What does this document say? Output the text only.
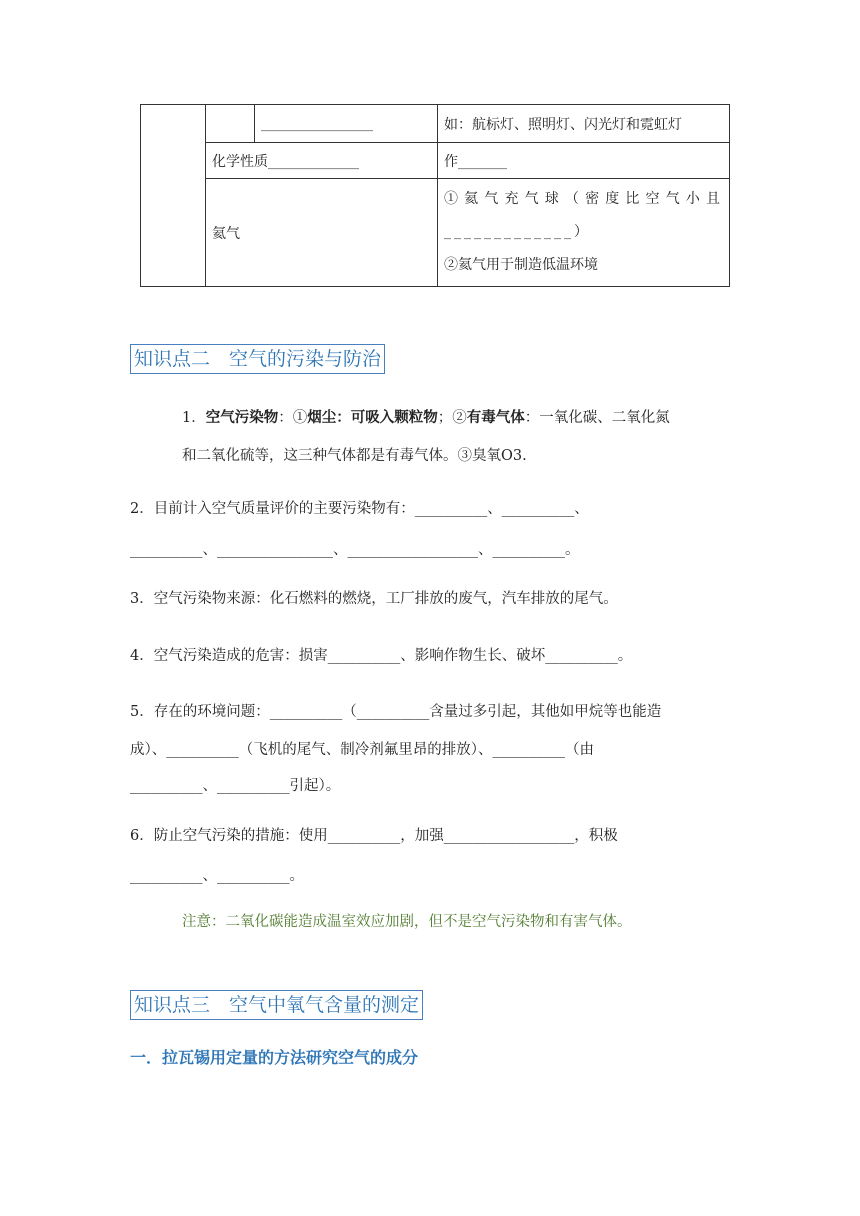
		________________	如：航标灯、照明灯、闪光灯和霓虹灯
	化学性质_____________		作_______
	氦气		①氦气充气球（密度比空气小且_____________）
②氦气用于制造低温环境
知识点二　空气的污染与防治
1．空气污染物：①烟尘：可吸入颗粒物；②有毒气体：一氧化碳、二氧化氮
和二氧化硫等，这三种气体都是有毒气体。③臭氧O3.
2．目前计入空气质量评价的主要污染物有：__________、__________、
__________、________________、__________________、__________。
3．空气污染物来源：化石燃料的燃烧，工厂排放的废气，汽车排放的尾气。
4．空气污染造成的危害：损害__________、影响作物生长、破坏__________。
5．存在的环境问题：__________（__________含量过多引起，其他如甲烷等也能造
成）、__________（飞机的尾气、制冷剂氟里昂的排放）、__________（由
__________、__________引起）。
6．防止空气污染的措施：使用__________，加强__________________，积极
__________、__________。
注意：二氧化碳能造成温室效应加剧，但不是空气污染物和有害气体。
知识点三　空气中氧气含量的测定
一．拉瓦锡用定量的方法研究空气的成分
